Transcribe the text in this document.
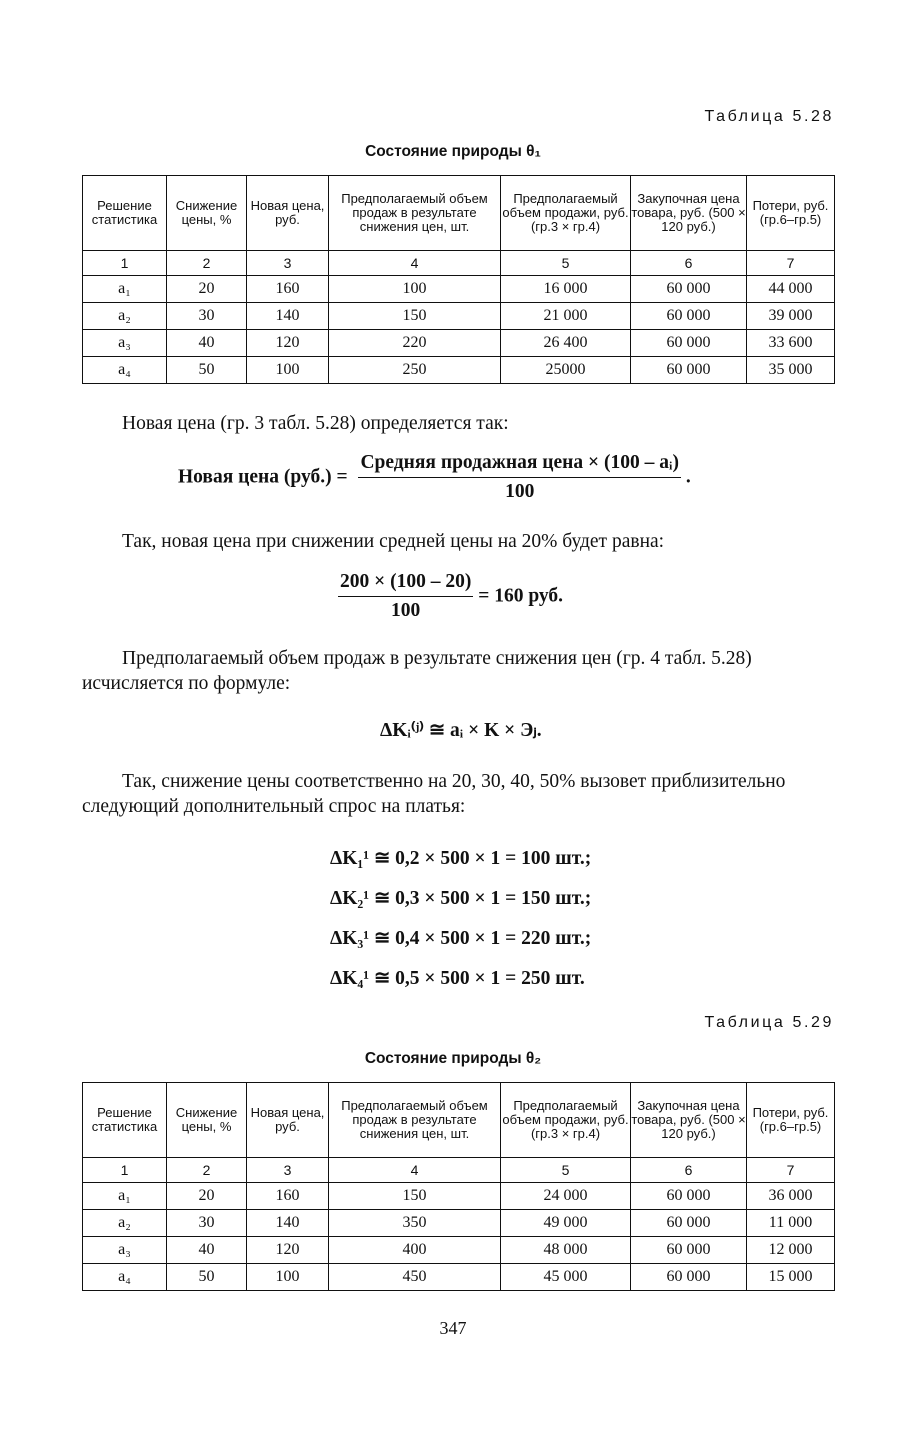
Таблица 5.28
Состояние природы θ₁
Решение статистика	Снижение цены, %	Новая цена, руб.	Предполагаемый объем продаж в результате снижения цен, шт.	Предполагаемый объем продажи, руб. (гр.3 × гр.4)	Закупочная цена товара, руб. (500 × 120 руб.)	Потери, руб. (гр.6–гр.5)
1	2	3	4	5	6	7
a₁	20	160	100	16 000	60 000	44 000
a₂	30	140	150	21 000	60 000	39 000
a₃	40	120	220	26 400	60 000	33 600
a₄	50	100	250	25000	60 000	35 000
Новая цена (гр. 3 табл. 5.28) определяется так:
Новая цена $(руб.) = \frac{\text{Средняя продажная цена × (100 – aᵢ)}}{100}$ .
Так, новая цена при снижении средней цены на 20% будет равна:
$\frac{200 \times (100 - 20)}{100} = 160$ руб.
Предполагаемый объем продаж в результате снижения цен (гр. 4 табл. 5.28) исчисляется по формуле:
ΔKᵢ⁽ʲ⁾ ≅ aᵢ × K × Эⱼ.
Так, снижение цены соответственно на 20, 30, 40, 50% вызовет приблизительно следующий дополнительный спрос на платья:
ΔK₁¹ ≅ 0,2 × 500 × 1 = 100 шт.;
ΔK₂¹ ≅ 0,3 × 500 × 1 = 150 шт.;
ΔK₃¹ ≅ 0,4 × 500 × 1 = 220 шт.;
ΔK₄¹ ≅ 0,5 × 500 × 1 = 250 шт.
Таблица 5.29
Состояние природы θ₂
Решение статистика	Снижение цены, %	Новая цена, руб.	Предполагаемый объем продаж в результате снижения цен, шт.	Предполагаемый объем продажи, руб. (гр.3 × гр.4)	Закупочная цена товара, руб. (500 × 120 руб.)	Потери, руб. (гр.6–гр.5)
1	2	3	4	5	6	7
a₁	20	160	150	24 000	60 000	36 000
a₂	30	140	350	49 000	60 000	11 000
a₃	40	120	400	48 000	60 000	12 000
a₄	50	100	450	45 000	60 000	15 000
347
